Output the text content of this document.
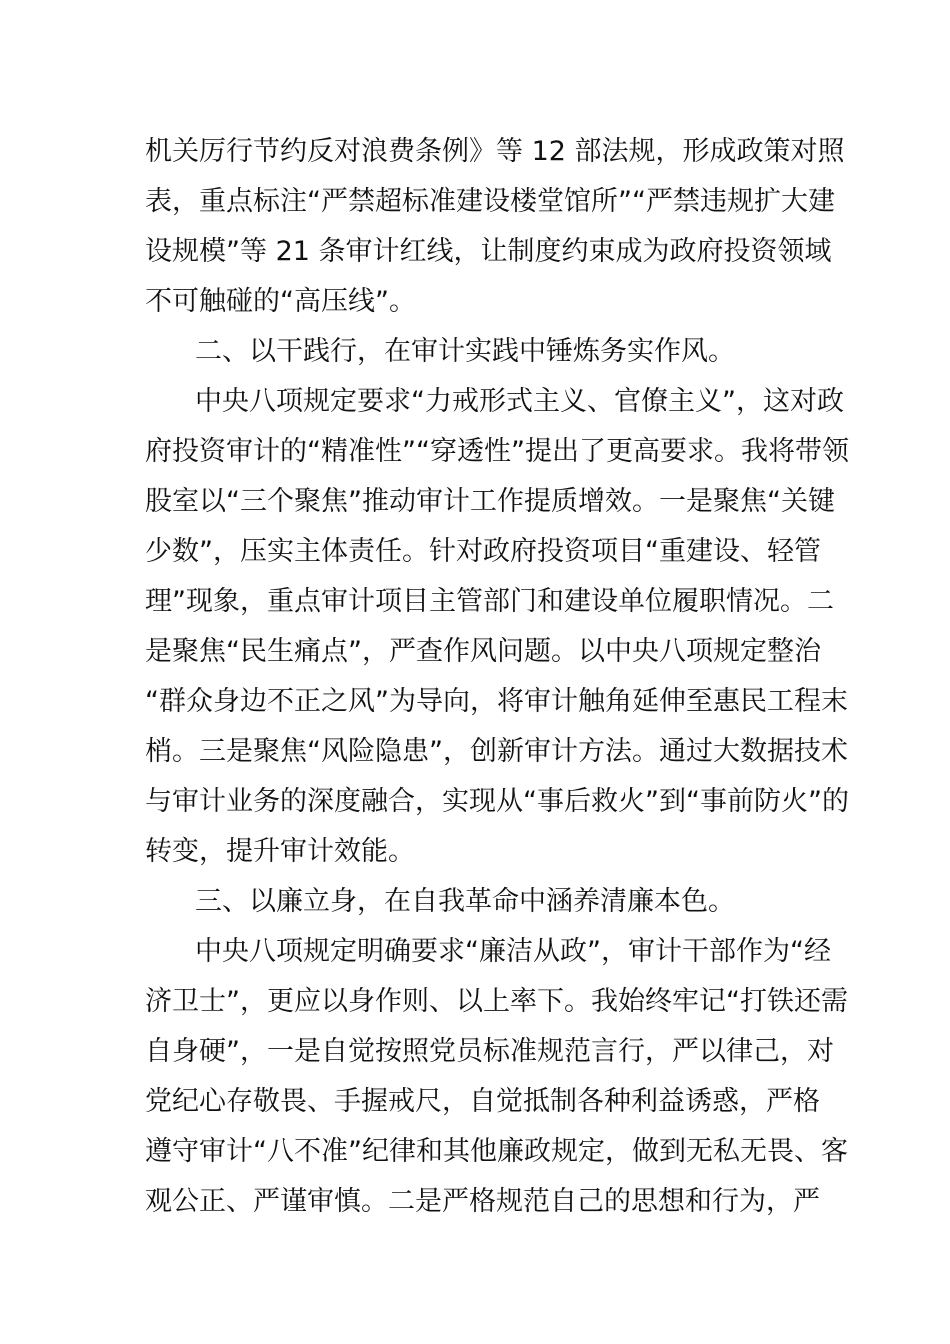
机关厉行节约反对浪费条例》等 12 部法规，形成政策对照
表，重点标注“严禁超标准建设楼堂馆所”“严禁违规扩大建
设规模”等 21 条审计红线，让制度约束成为政府投资领域
不可触碰的“高压线”。
二、以干践行，在审计实践中锤炼务实作风。
中央八项规定要求“力戒形式主义、官僚主义”，这对政
府投资审计的“精准性”“穿透性”提出了更高要求。我将带领
股室以“三个聚焦”推动审计工作提质增效。一是聚焦“关键
少数”，压实主体责任。针对政府投资项目“重建设、轻管
理”现象，重点审计项目主管部门和建设单位履职情况。二
是聚焦“民生痛点”，严查作风问题。以中央八项规定整治
“群众身边不正之风”为导向，将审计触角延伸至惠民工程末
梢。三是聚焦“风险隐患”，创新审计方法。通过大数据技术
与审计业务的深度融合，实现从“事后救火”到“事前防火”的
转变，提升审计效能。
三、以廉立身，在自我革命中涵养清廉本色。
中央八项规定明确要求“廉洁从政”，审计干部作为“经
济卫士”，更应以身作则、以上率下。我始终牢记“打铁还需
自身硬”，一是自觉按照党员标准规范言行，严以律己，对
党纪心存敬畏、手握戒尺，自觉抵制各种利益诱惑，严格
遵守审计“八不准”纪律和其他廉政规定，做到无私无畏、客
观公正、严谨审慎。二是严格规范自己的思想和行为，严
